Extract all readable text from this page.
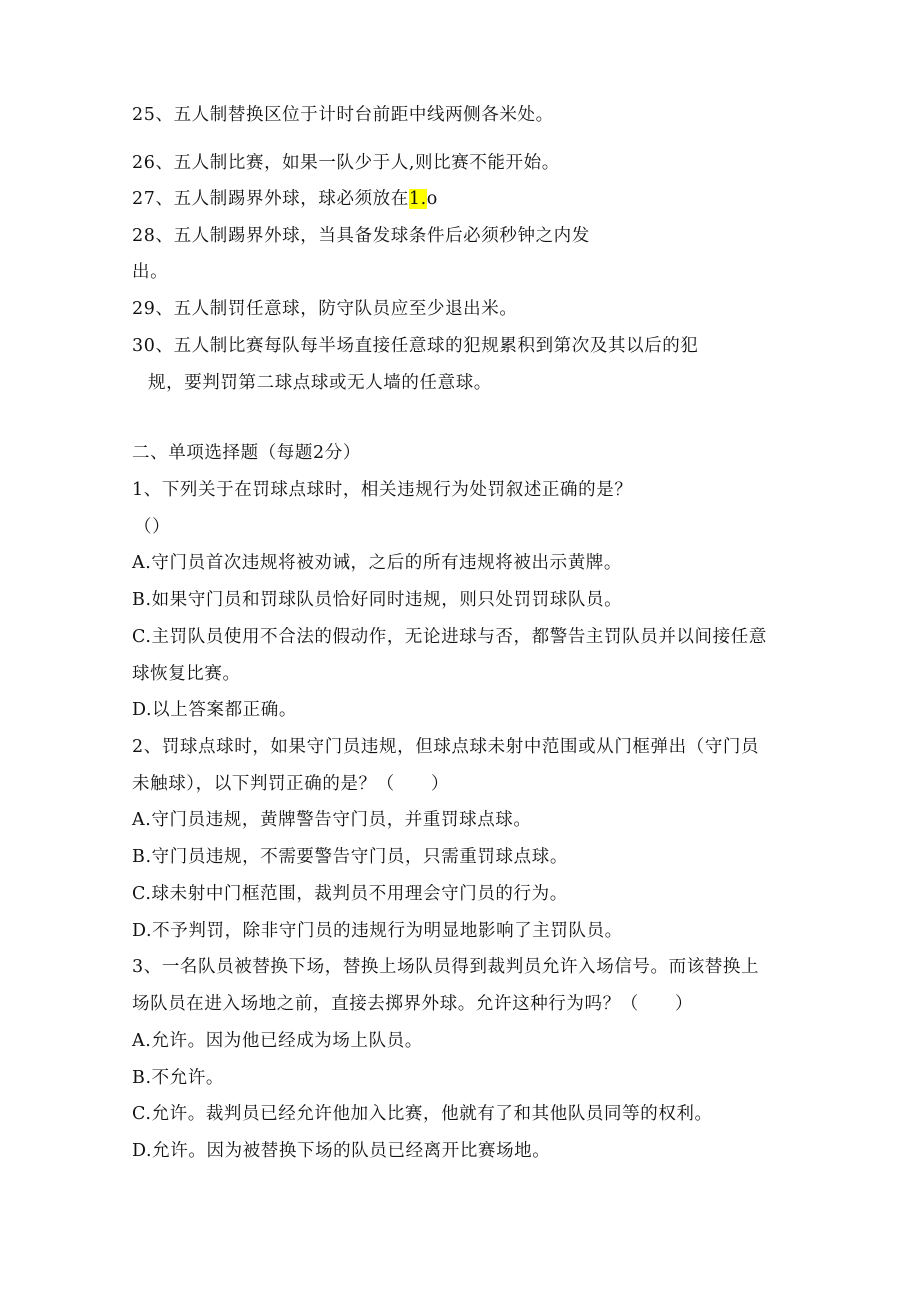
25、五人制替换区位于计时台前距中线两侧各米处。
26、五人制比赛，如果一队少于人,则比赛不能开始。
27、五人制踢界外球，球必须放在1.o
28、五人制踢界外球，当具备发球条件后必须秒钟之内发
出。
29、五人制罚任意球，防守队员应至少退出米。
30、五人制比赛每队每半场直接任意球的犯规累积到第次及其以后的犯
规，要判罚第二球点球或无人墙的任意球。
二、单项选择题（每题2分）
1、下列关于在罚球点球时，相关违规行为处罚叙述正确的是？
（）
A.守门员首次违规将被劝诫，之后的所有违规将被出示黄牌。
B.如果守门员和罚球队员恰好同时违规，则只处罚罚球队员。
C.主罚队员使用不合法的假动作，无论进球与否，都警告主罚队员并以间接任意
球恢复比赛。
D.以上答案都正确。
2、罚球点球时，如果守门员违规，但球点球未射中范围或从门框弹出（守门员
未触球），以下判罚正确的是？（　　）
A.守门员违规，黄牌警告守门员，并重罚球点球。
B.守门员违规，不需要警告守门员，只需重罚球点球。
C.球未射中门框范围，裁判员不用理会守门员的行为。
D.不予判罚，除非守门员的违规行为明显地影响了主罚队员。
3、一名队员被替换下场，替换上场队员得到裁判员允许入场信号。而该替换上
场队员在进入场地之前，直接去掷界外球。允许这种行为吗？（　　）
A.允许。因为他已经成为场上队员。
B.不允许。
C.允许。裁判员已经允许他加入比赛，他就有了和其他队员同等的权利。
D.允许。因为被替换下场的队员已经离开比赛场地。
